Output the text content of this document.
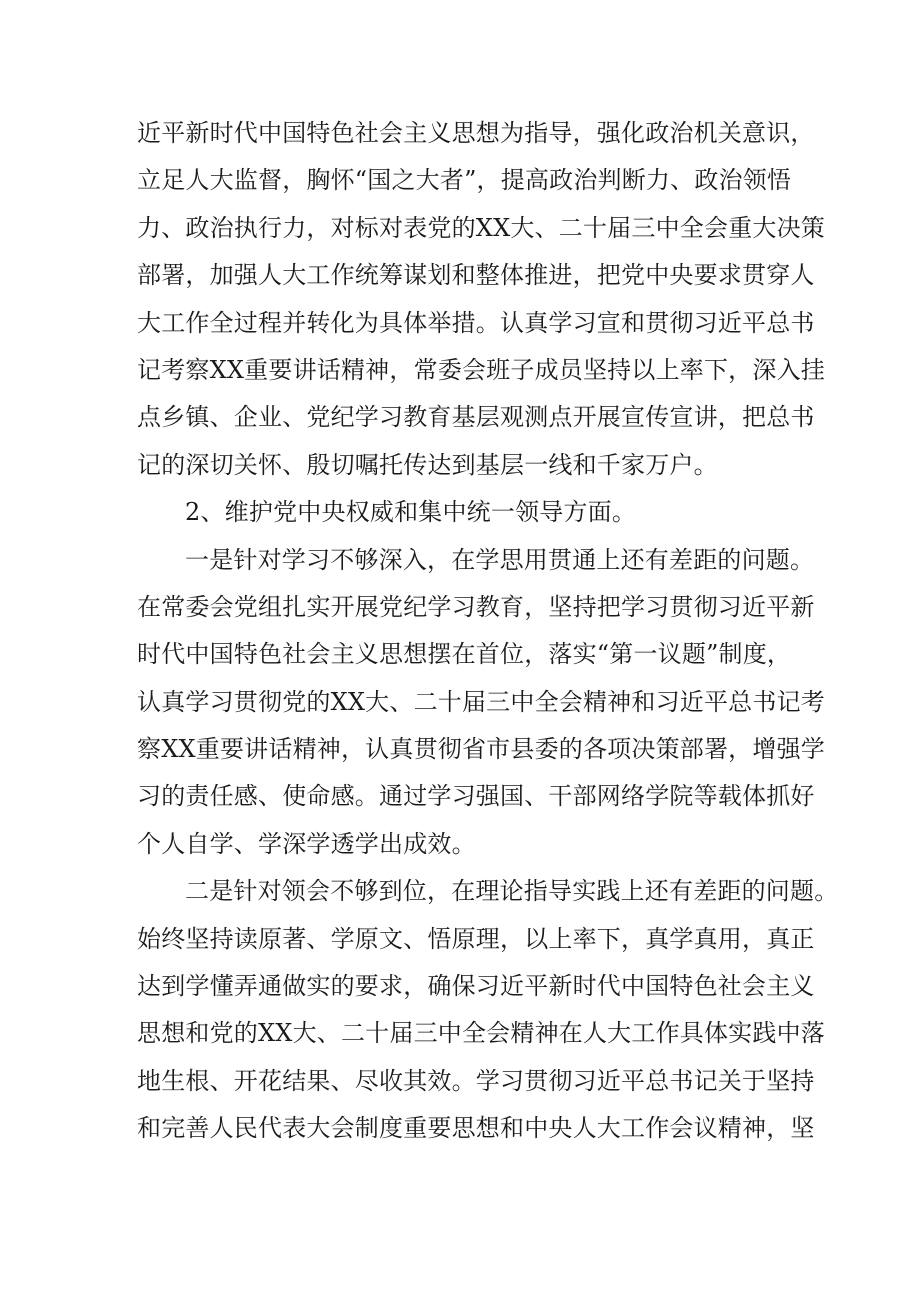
近平新时代中国特色社会主义思想为指导，强化政治机关意识，
立足人大监督，胸怀“国之大者”，提高政治判断力、政治领悟
力、政治执行力，对标对表党的XX大、二十届三中全会重大决策
部署，加强人大工作统筹谋划和整体推进，把党中央要求贯穿人
大工作全过程并转化为具体举措。认真学习宣和贯彻习近平总书
记考察XX重要讲话精神，常委会班子成员坚持以上率下，深入挂
点乡镇、企业、党纪学习教育基层观测点开展宣传宣讲，把总书
记的深切关怀、殷切嘱托传达到基层一线和千家万户。
2、维护党中央权威和集中统一领导方面。
一是针对学习不够深入，在学思用贯通上还有差距的问题。
在常委会党组扎实开展党纪学习教育，坚持把学习贯彻习近平新
时代中国特色社会主义思想摆在首位，落实“第一议题”制度，
认真学习贯彻党的XX大、二十届三中全会精神和习近平总书记考
察XX重要讲话精神，认真贯彻省市县委的各项决策部署，增强学
习的责任感、使命感。通过学习强国、干部网络学院等载体抓好
个人自学、学深学透学出成效。
二是针对领会不够到位，在理论指导实践上还有差距的问题。
始终坚持读原著、学原文、悟原理，以上率下，真学真用，真正
达到学懂弄通做实的要求，确保习近平新时代中国特色社会主义
思想和党的XX大、二十届三中全会精神在人大工作具体实践中落
地生根、开花结果、尽收其效。学习贯彻习近平总书记关于坚持
和完善人民代表大会制度重要思想和中央人大工作会议精神，坚
